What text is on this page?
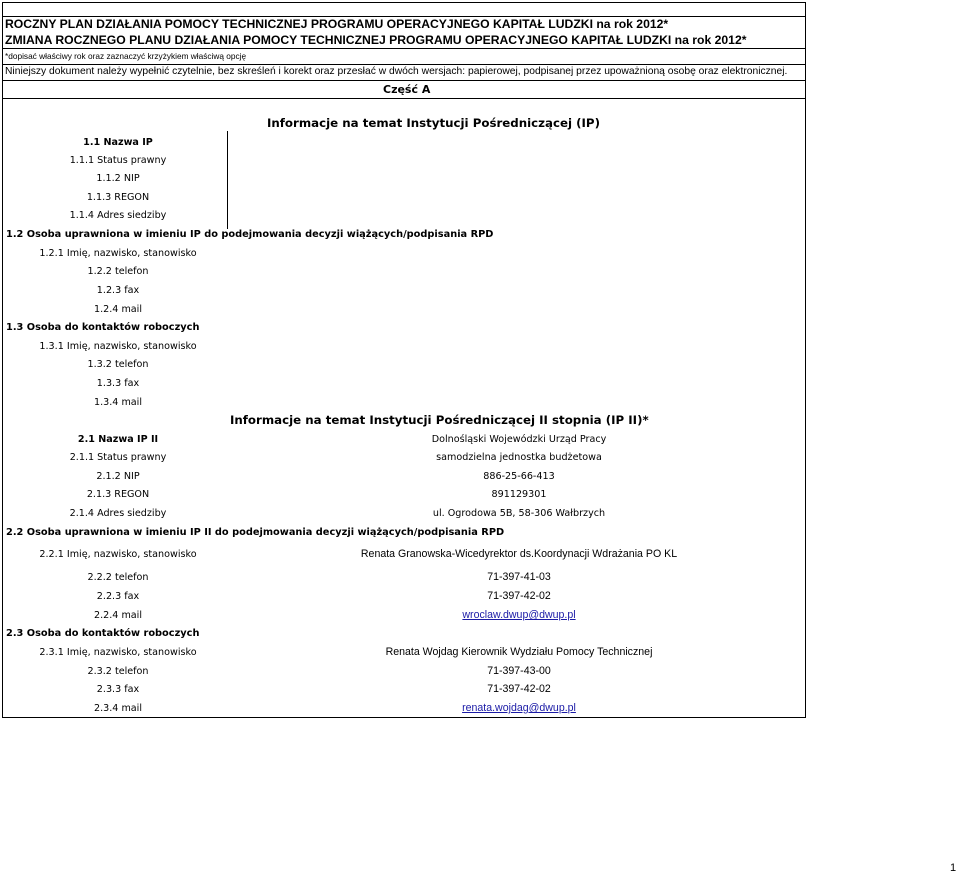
ROCZNY PLAN DZIAŁANIA POMOCY TECHNICZNEJ PROGRAMU OPERACYJNEGO KAPITAŁ LUDZKI na rok 2012*
ZMIANA ROCZNEGO PLANU DZIAŁANIA POMOCY TECHNICZNEJ PROGRAMU OPERACYJNEGO KAPITAŁ LUDZKI na rok 2012*
*dopisać właściwy rok oraz zaznaczyć krzyżykiem właściwą opcję
Niniejszy dokument należy wypełnić czytelnie, bez skreśleń i korekt oraz przesłać w dwóch wersjach: papierowej, podpisanej przez upoważnioną osobę oraz elektronicznej.
Część A
Informacje na temat Instytucji Pośredniczącej (IP)
1.1 Nazwa IP
1.1.1 Status prawny
1.1.2 NIP
1.1.3 REGON
1.1.4 Adres siedziby
1.2 Osoba uprawniona w imieniu IP do podejmowania decyzji wiążących/podpisania RPD
1.2.1 Imię, nazwisko, stanowisko
1.2.2 telefon
1.2.3 fax
1.2.4 mail
1.3 Osoba do kontaktów roboczych
1.3.1 Imię, nazwisko, stanowisko
1.3.2 telefon
1.3.3 fax
1.3.4 mail
Informacje na temat Instytucji Pośredniczącej II stopnia (IP II)*
2.1 Nazwa IP II	Dolnośląski Wojewódzki Urząd Pracy
2.1.1 Status prawny	samodzielna jednostka budżetowa
2.1.2 NIP	886-25-66-413
2.1.3 REGON	891129301
2.1.4 Adres siedziby	ul. Ogrodowa 5B, 58-306 Wałbrzych
2.2 Osoba uprawniona w imieniu IP II do podejmowania decyzji wiążących/podpisania RPD
2.2.1 Imię, nazwisko, stanowisko	Renata Granowska-Wicedyrektor ds.Koordynacji Wdrażania PO KL
2.2.2 telefon	71-397-41-03
2.2.3 fax	71-397-42-02
2.2.4 mail	wroclaw.dwup@dwup.pl
2.3 Osoba do kontaktów roboczych
2.3.1 Imię, nazwisko, stanowisko	Renata Wojdag Kierownik Wydziału Pomocy Technicznej
2.3.2 telefon	71-397-43-00
2.3.3 fax	71-397-42-02
2.3.4 mail	renata.wojdag@dwup.pl
1
